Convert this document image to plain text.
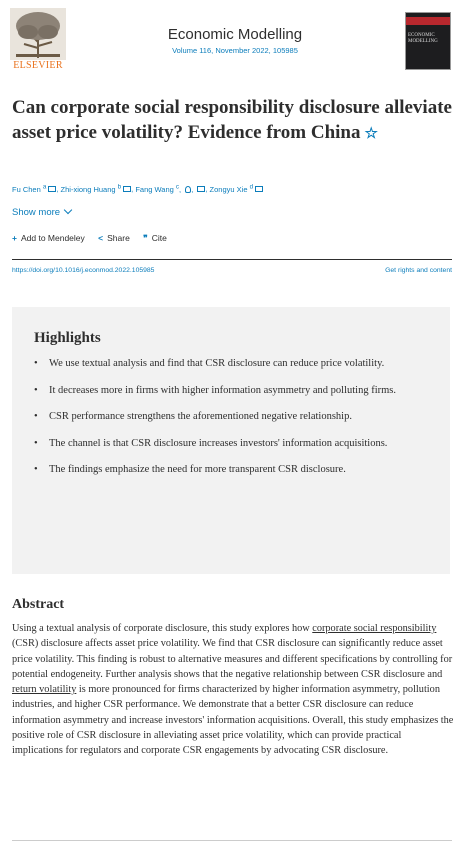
ELSEVIER
Economic Modelling
Volume 116, November 2022, 105985
ECONOMIC MODELLING
Can corporate social responsibility disclosure alleviate asset price volatility? Evidence from China ☆
Fu Chen $^a$ , Zhi-xiong Huang $^b$ , Fang Wang $^c$, , , Zongyu Xie $^d$
Show more
+ Add to Mendeley < Share ❞ Cite
https://doi.org/10.1016/j.econmod.2022.105985	Get rights and content
Highlights
• We use textual analysis and find that CSR disclosure can reduce price volatility.
• It decreases more in firms with higher information asymmetry and polluting firms.
• CSR performance strengthens the aforementioned negative relationship.
• The channel is that CSR disclosure increases investors' information acquisitions.
• The findings emphasize the need for more transparent CSR disclosure.
Abstract

Using a textual analysis of corporate disclosure, this study explores how corporate social responsibility (CSR) disclosure affects asset price volatility. We find that CSR disclosure can significantly reduce asset price volatility. This finding is robust to alternative measures and different specifications by controlling for potential endogeneity. Further analysis shows that the negative relationship between CSR disclosure and return volatility is more pronounced for firms characterized by higher information asymmetry, pollution industries, and higher CSR performance. We demonstrate that a better CSR disclosure can reduce information asymmetry and increase investors' information acquisitions. Overall, this study emphasizes the positive role of CSR disclosure in alleviating asset price volatility, which can provide practical implications for regulators and corporate CSR engagements by advocating CSR disclosure.
